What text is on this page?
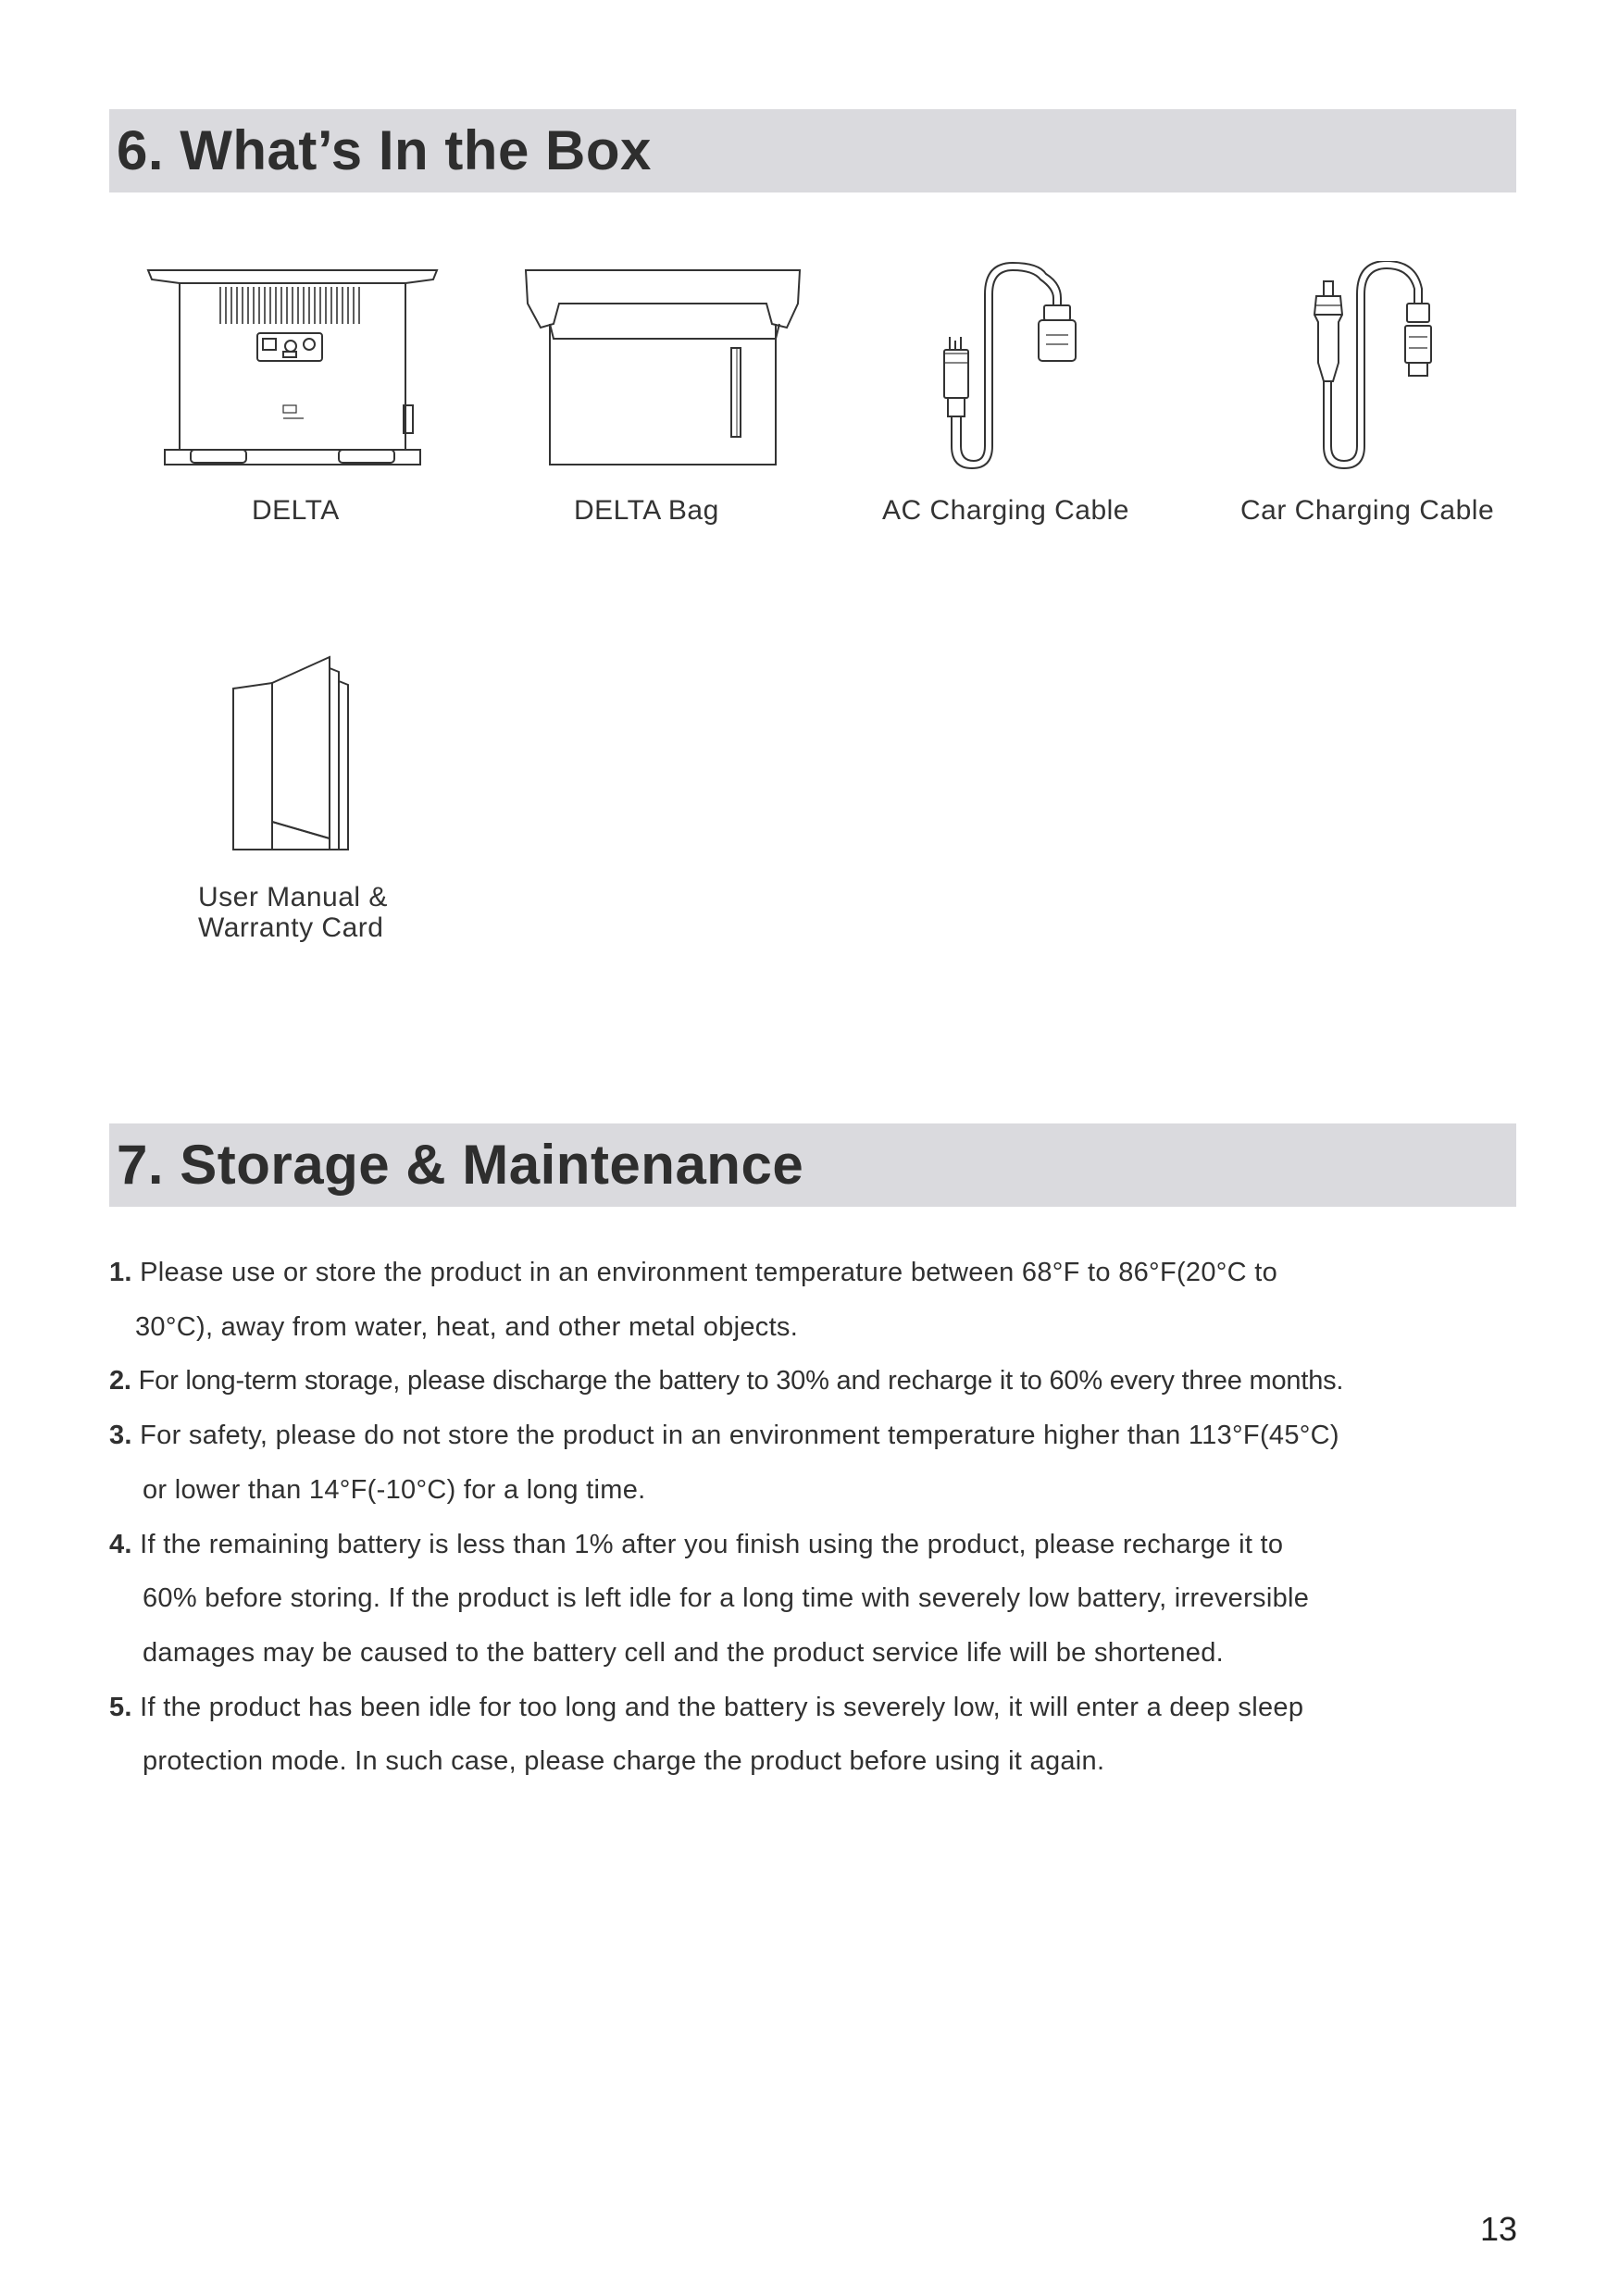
6. What’s In the Box
DELTA	DELTA Bag	AC Charging Cable	Car Charging Cable
User Manual &
Warranty Card
7. Storage & Maintenance
1. Please use or store the product in an environment temperature between 68°F to 86°F(20°C to
30°C), away from water, heat, and other metal objects.
2. For long-term storage, please discharge the battery to 30% and recharge it to 60% every three months.
3. For safety, please do not store the product in an environment temperature higher than 113°F(45°C)
or lower than 14°F(-10°C) for a long time.
4. If the remaining battery is less than 1% after you finish using the product, please recharge it to
60% before storing. If the product is left idle for a long time with severely low battery, irreversible
damages may be caused to the battery cell and the product service life will be shortened.
5. If the product has been idle for too long and the battery is severely low, it will enter a deep sleep
protection mode. In such case, please charge the product before using it again.
13
